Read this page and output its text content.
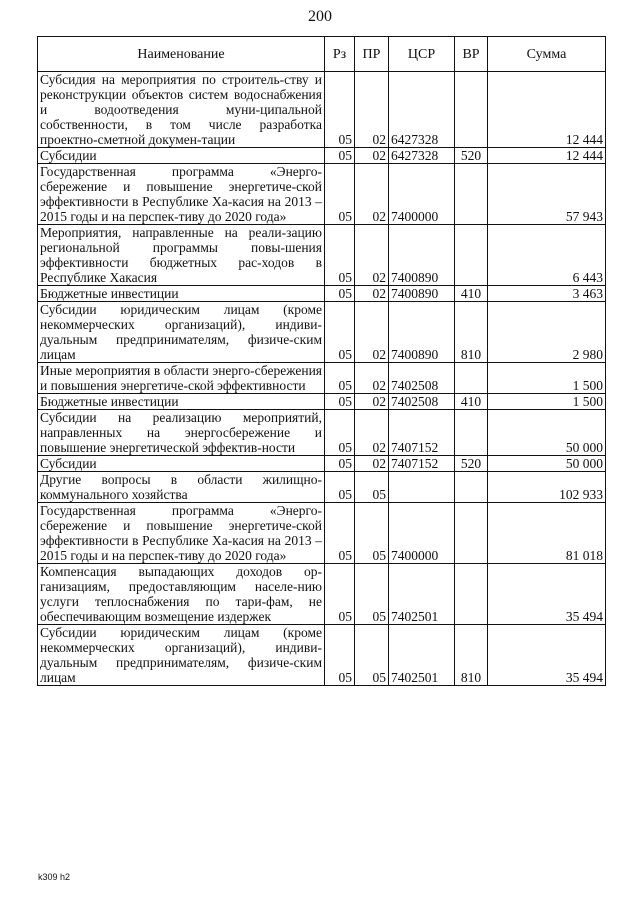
200
Наименование	Рз	ПР	ЦСР	ВР	Сумма
Субсидия на мероприятия по строитель-ству и реконструкции объектов систем водоснабжения и водоотведения муни-ципальной собственности, в том числе разработка проектно-сметной докумен-тации	05	02	6427328		12 444
Субсидии	05	02	6427328	520	12 444
Государственная программа «Энерго-сбережение и повышение энергетиче-ской эффективности в Республике Ха-касия на 2013 – 2015 годы и на перспек-тиву до 2020 года»	05	02	7400000		57 943
Мероприятия, направленные на реали-зацию региональной программы повы-шения эффективности бюджетных рас-ходов в Республике Хакасия	05	02	7400890		6 443
Бюджетные инвестиции	05	02	7400890	410	3 463
Субсидии юридическим лицам (кроме некоммерческих организаций), индиви-дуальным предпринимателям, физиче-ским лицам	05	02	7400890	810	2 980
Иные мероприятия в области энерго-сбережения и повышения энергетиче-ской эффективности	05	02	7402508		1 500
Бюджетные инвестиции	05	02	7402508	410	1 500
Субсидии на реализацию мероприятий, направленных на энергосбережение и повышение энергетической эффектив-ности	05	02	7407152		50 000
Субсидии	05	02	7407152	520	50 000
Другие вопросы в области жилищно-коммунального хозяйства	05	05			102 933
Государственная программа «Энерго-сбережение и повышение энергетиче-ской эффективности в Республике Ха-касия на 2013 – 2015 годы и на перспек-тиву до 2020 года»	05	05	7400000		81 018
Компенсация выпадающих доходов ор-ганизациям, предоставляющим населе-нию услуги теплоснабжения по тари-фам, не обеспечивающим возмещение издержек	05	05	7402501		35 494
Субсидии юридическим лицам (кроме некоммерческих организаций), индиви-дуальным предпринимателям, физиче-ским лицам	05	05	7402501	810	35 494
k309 h2
